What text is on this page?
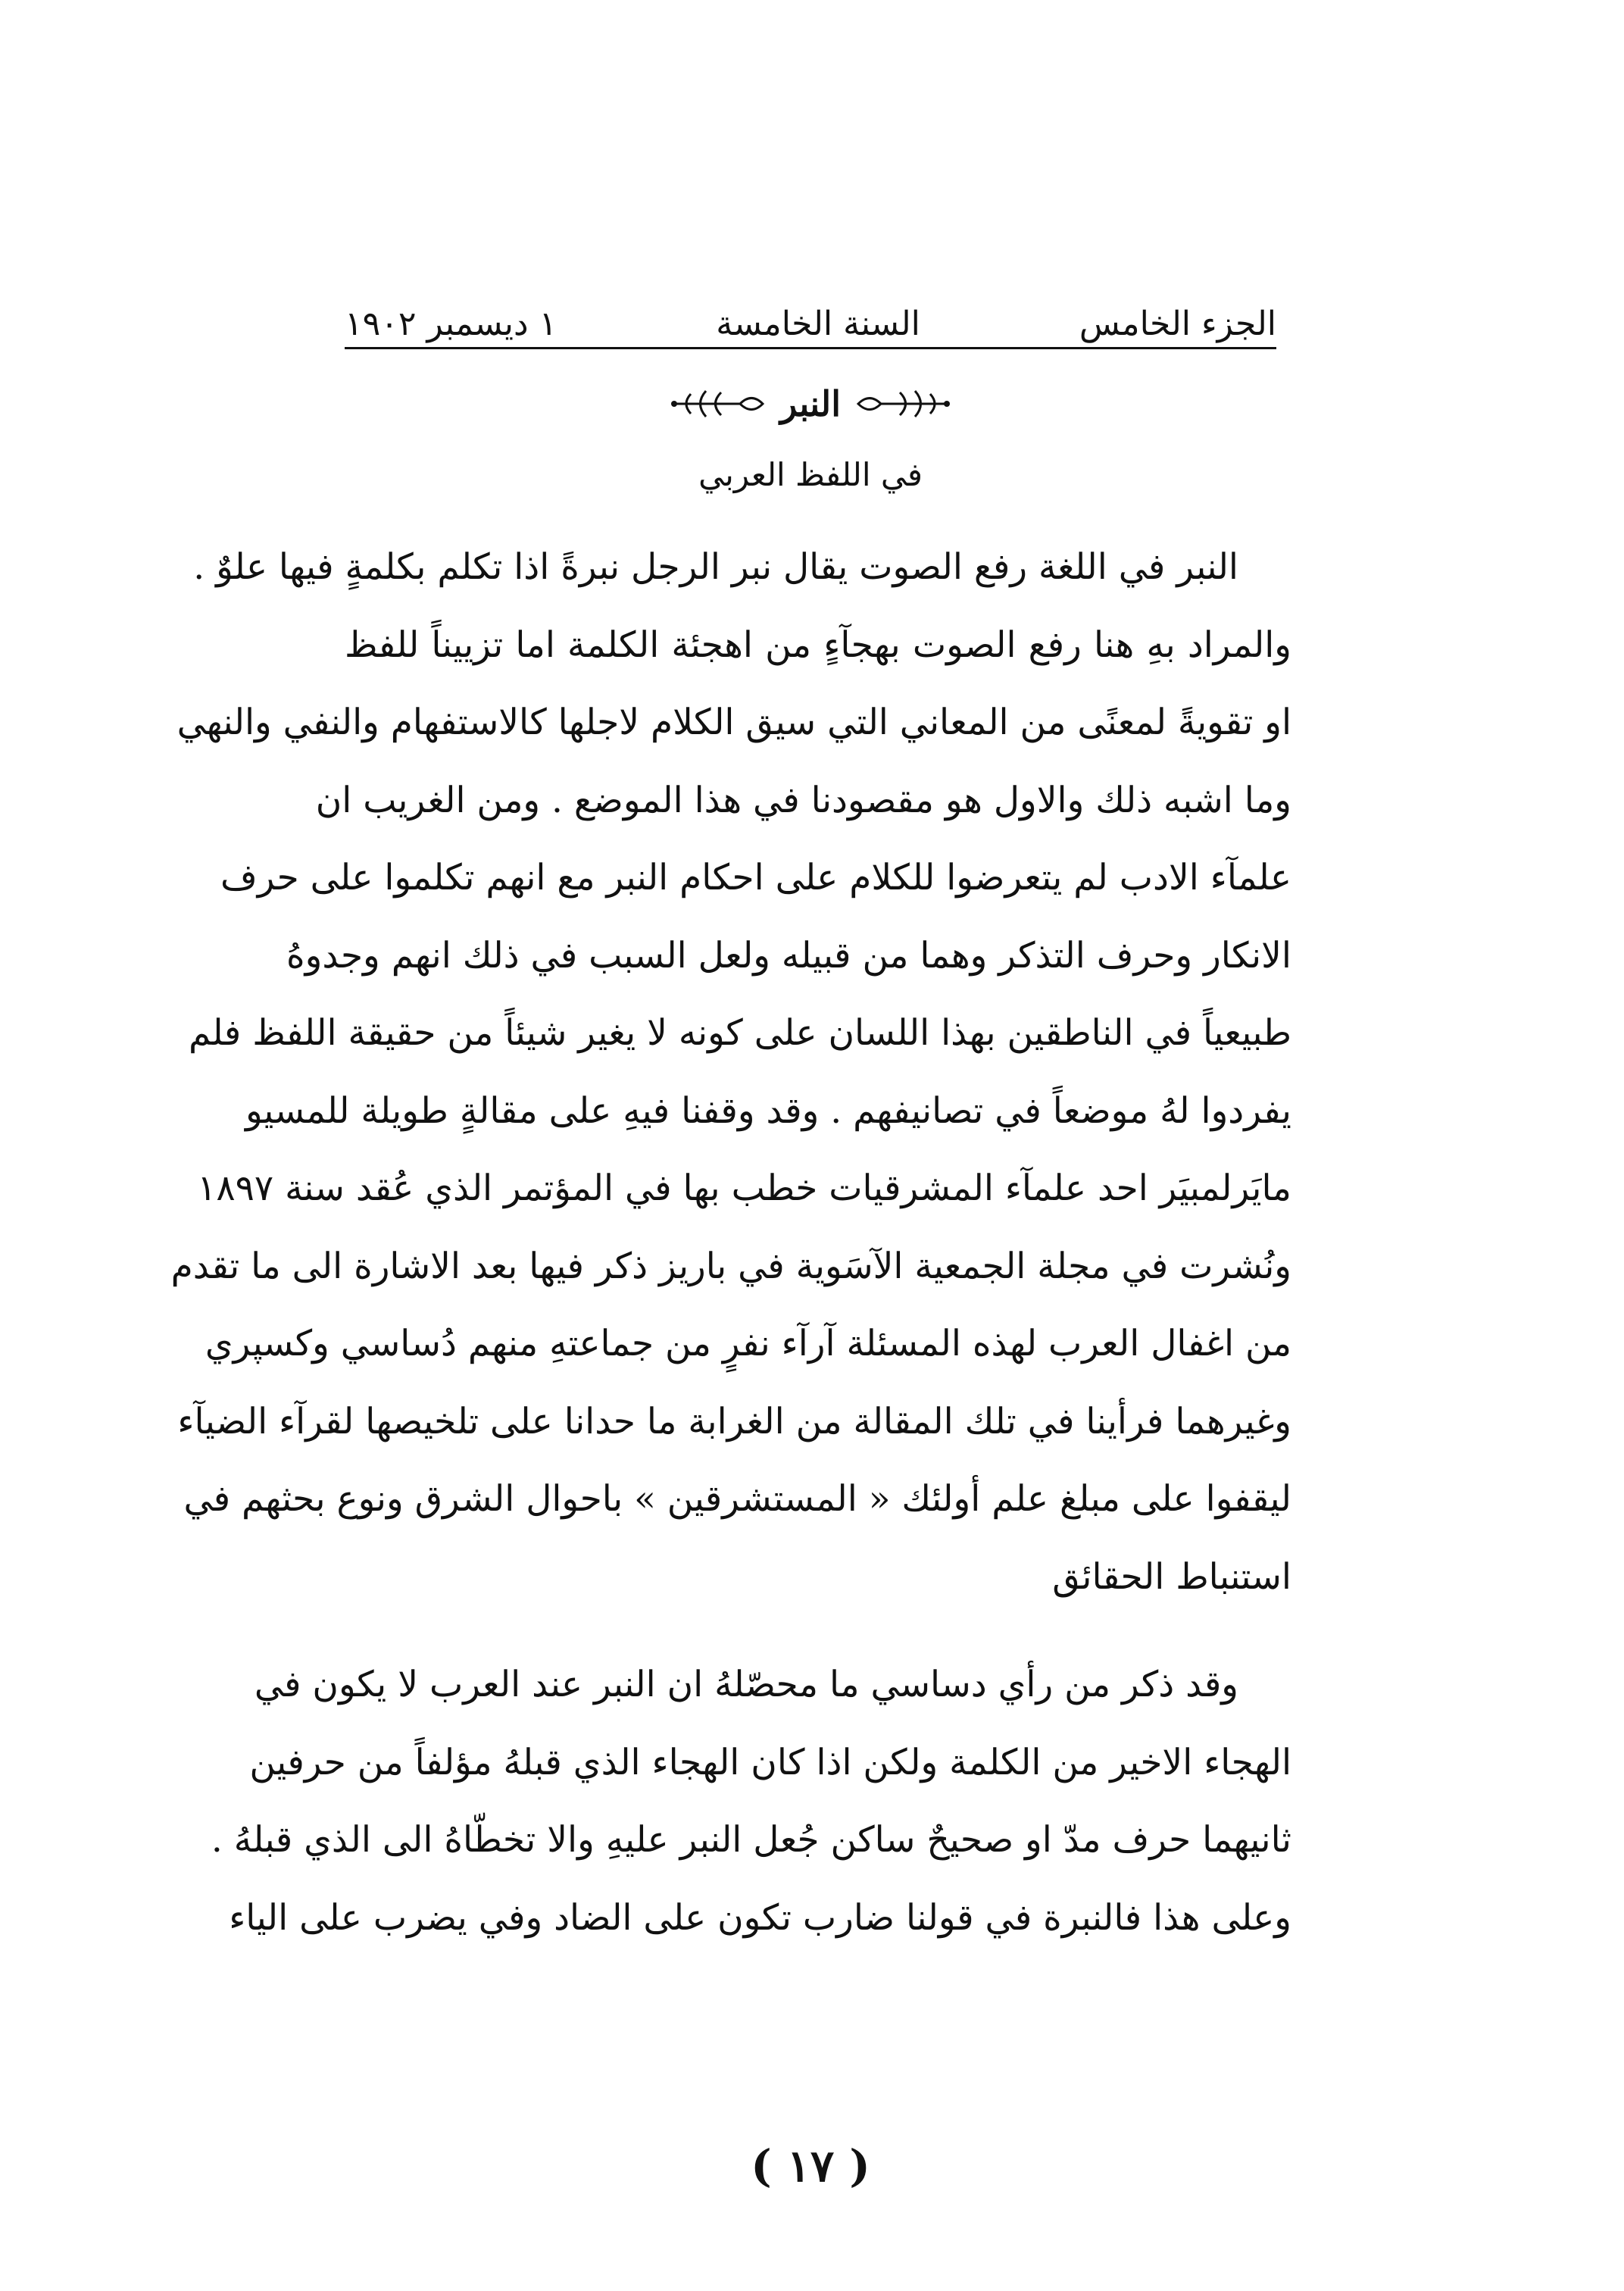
الجزء الخامس
السنة الخامسة
١ ديسمبر ١٩٠٢
النبر
في اللفظ العربي
النبر في اللغة رفع الصوت يقال نبر الرجل نبرةً اذا تكلم بكلمةٍ فيها علوٌ .
والمراد بهِ هنا رفع الصوت بهجآءٍ من اهجئة الكلمة اما تزييناً للفظ
او تقويةً لمعنًى من المعاني التي سيق الكلام لاجلها كالاستفهام والنفي والنهي
وما اشبه ذلك والاول هو مقصودنا في هذا الموضع . ومن الغريب ان
علمآء الادب لم يتعرضوا للكلام على احكام النبر مع انهم تكلموا على حرف
الانكار وحرف التذكر وهما من قبيله ولعل السبب في ذلك انهم وجدوهُ
طبيعياً في الناطقين بهذا اللسان على كونه لا يغير شيئاً من حقيقة اللفظ فلم
يفردوا لهُ موضعاً في تصانيفهم . وقد وقفنا فيهِ على مقالةٍ طويلة للمسيو
مايَرلمبيَر احد علمآء المشرقيات خطب بها في المؤتمر الذي عُقد سنة ١٨٩٧
ونُشرت في مجلة الجمعية الآسَوية في باريز ذكر فيها بعد الاشارة الى ما تقدم
من اغفال العرب لهذه المسئلة آرآء نفرٍ من جماعتهِ منهم دُساسي وكسپري
وغيرهما فرأينا في تلك المقالة من الغرابة ما حدانا على تلخيصها لقرآء الضيآء
ليقفوا على مبلغ علم أولئك « المستشرقين » باحوال الشرق ونوع بحثهم في
استنباط الحقائق
وقد ذكر من رأي دساسي ما محصّلهُ ان النبر عند العرب لا يكون في
الهجاء الاخير من الكلمة ولكن اذا كان الهجاء الذي قبلهُ مؤلفاً من حرفين
ثانيهما حرف مدّ او صحيحٌ ساكن جُعل النبر عليهِ والا تخطّاهُ الى الذي قبلهُ .
وعلى هذا فالنبرة في قولنا ضارب تكون على الضاد وفي يضرب على الياء
( ١٧ )
